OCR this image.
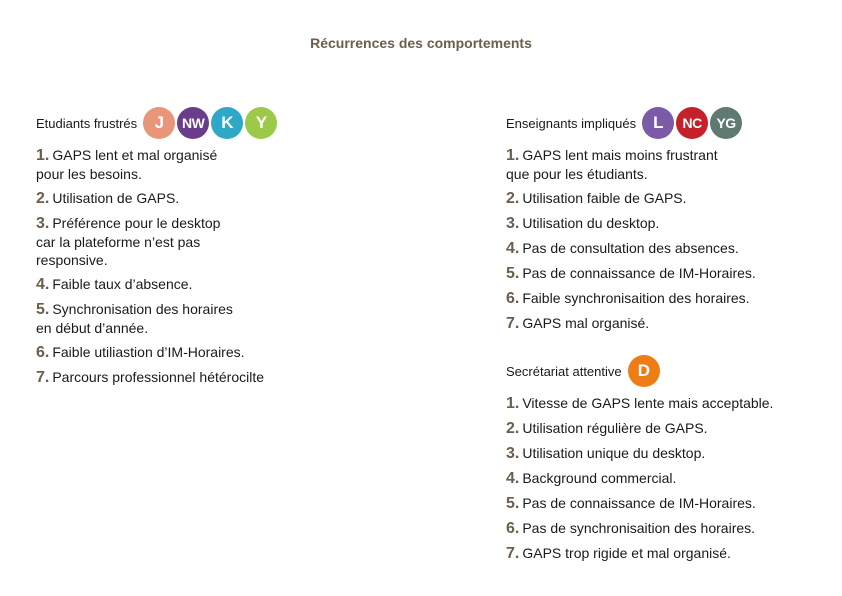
Récurrences des comportements
Etudiants frustrés	J	NW K	Y
1. GAPS lent et mal organisé
pour les besoins.
2. Utilisation de GAPS.
3. Préférence pour le desktop
car la plateforme n’est pas
responsive.
4. Faible taux d’absence.
5. Synchronisation des horaires
en début d’année.
6. Faible utiliastion d’IM-Horaires.
7. Parcours professionnel hétérocilte
Enseignants impliqués	L	NC	YG
1. GAPS lent mais moins frustrant
que pour les étudiants.
2. Utilisation faible de GAPS.
3. Utilisation du desktop.
4. Pas de consultation des absences.
5. Pas de connaissance de IM-Horaires.
6. Faible synchronisaition des horaires.
7. GAPS mal organisé.
Secrétariat attentive D
1. Vitesse de GAPS lente mais acceptable.
2. Utilisation régulière de GAPS.
3. Utilisation unique du desktop.
4. Background commercial.
5. Pas de connaissance de IM-Horaires.
6. Pas de synchronisaition des horaires.
7. GAPS trop rigide et mal organisé.
